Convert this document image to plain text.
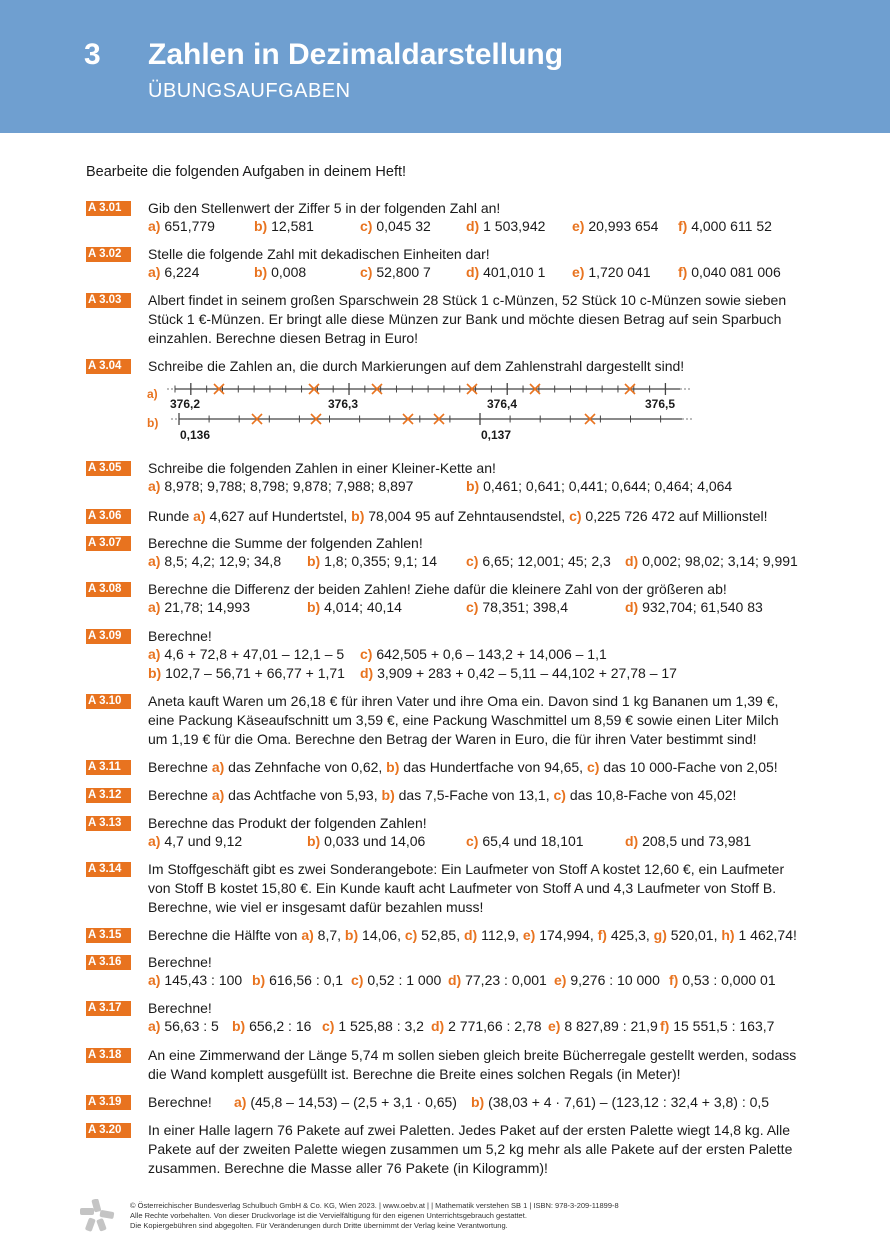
3 Zahlen in Dezimaldarstellung
ÜBUNGSAUFGABEN
Bearbeite die folgenden Aufgaben in deinem Heft!
A 3.01	Gib den Stellenwert der Ziffer 5 in der folgenden Zahl an!
a) 651,779	b) 12,581	c) 0,045 32	d) 1 503,942 e) 20,993 654 f) 4,000 611 52
A 3.02	Stelle die folgende Zahl mit dekadischen Einheiten dar!
a) 6,224	b) 0,008	c) 52,800 7	d) 401,010 1 e) 1,720 041 f) 0,040 081 006
A 3.03	Albert findet in seinem großen Sparschwein 28 Stück 1 c-Münzen, 52 Stück 10 c-Münzen sowie sieben
Stück 1 €-Münzen. Er bringt alle diese Münzen zur Bank und möchte diesen Betrag auf sein Sparbuch
einzahlen. Berechne diesen Betrag in Euro!
A 3.04	Schreibe die Zahlen an, die durch Markierungen auf dem Zahlenstrahl dargestellt sind!
a)
b)
376,2	376,3	376,4	376,5
0,136	0,137
A 3.05	Schreibe die folgenden Zahlen in einer Kleiner-Kette an!
a) 8,978; 9,788; 8,798; 9,878; 7,988; 8,897	b) 0,461; 0,641; 0,441; 0,644; 0,464; 4,064
A 3.06	Runde a) 4,627 auf Hundertstel, b) 78,004 95 auf Zehntausendstel, c) 0,225 726 472 auf Millionstel!
A 3.07	Berechne die Summe der folgenden Zahlen!
a) 8,5; 4,2; 12,9; 34,8 b) 1,8; 0,355; 9,1; 14 c) 6,65; 12,001; 45; 2,3 d) 0,002; 98,02; 3,14; 9,991
A 3.08	Berechne die Differenz der beiden Zahlen! Ziehe dafür die kleinere Zahl von der größeren ab!
a) 21,78; 14,993	b) 4,014; 40,14	c) 78,351; 398,4	d) 932,704; 61,540 83
A 3.09	Berechne!
a) 4,6 + 72,8 + 47,01 – 12,1 – 5 c) 642,505 + 0,6 – 143,2 + 14,006 – 1,1
b) 102,7 – 56,71 + 66,77 + 1,71 d) 3,909 + 283 + 0,42 – 5,11 – 44,102 + 27,78 – 17
A 3.10	Aneta kauft Waren um 26,18 € für ihren Vater und ihre Oma ein. Davon sind 1 kg Bananen um 1,39 €,
eine Packung Käseaufschnitt um 3,59 €, eine Packung Waschmittel um 8,59 € sowie einen Liter Milch
um 1,19 € für die Oma. Berechne den Betrag der Waren in Euro, die für ihren Vater bestimmt sind!
A 3.11	Berechne a) das Zehnfache von 0,62, b) das Hundertfache von 94,65, c) das 10 000-Fache von 2,05!
A 3.12	Berechne a) das Achtfache von 5,93, b) das 7,5-Fache von 13,1, c) das 10,8-Fache von 45,02!
A 3.13	Berechne das Produkt der folgenden Zahlen!
a) 4,7 und 9,12	b) 0,033 und 14,06	c) 65,4 und 18,101	d) 208,5 und 73,981
A 3.14	Im Stoffgeschäft gibt es zwei Sonderangebote: Ein Laufmeter von Stoff A kostet 12,60 €, ein Laufmeter
von Stoff B kostet 15,80 €. Ein Kunde kauft acht Laufmeter von Stoff A und 4,3 Laufmeter von Stoff B.
Berechne, wie viel er insgesamt dafür bezahlen muss!
A 3.15	Berechne die Hälfte von a) 8,7, b) 14,06, c) 52,85, d) 112,9, e) 174,994, f) 425,3, g) 520,01, h) 1 462,74!
A 3.16	Berechne!
a) 145,43 : 100 b) 616,56 : 0,1 c) 0,52 : 1 000 d) 77,23 : 0,001 e) 9,276 : 10 000 f) 0,53 : 0,000 01
A 3.17	Berechne!
a) 56,63 : 5 b) 656,2 : 16 c) 1 525,88 : 3,2 d) 2 771,66 : 2,78 e) 8 827,89 : 21,9 f) 15 551,5 : 163,7
A 3.18	An eine Zimmerwand der Länge 5,74 m sollen sieben gleich breite Bücherregale gestellt werden, sodass
die Wand komplett ausgefüllt ist. Berechne die Breite eines solchen Regals (in Meter)!
A 3.19	Berechne! a) (45,8 – 14,53) – (2,5 + 3,1 · 0,65) b) (38,03 + 4 · 7,61) – (123,12 : 32,4 + 3,8) : 0,5
A 3.20	In einer Halle lagern 76 Pakete auf zwei Paletten. Jedes Paket auf der ersten Palette wiegt 14,8 kg. Alle
Pakete auf der zweiten Palette wiegen zusammen um 5,2 kg mehr als alle Pakete auf der ersten Palette
zusammen. Berechne die Masse aller 76 Pakete (in Kilogramm)!
© Österreichischer Bundesverlag Schulbuch GmbH & Co. KG, Wien 2023. | www.oebv.at | | Mathematik verstehen SB 1 | ISBN: 978-3-209-11899-8
Alle Rechte vorbehalten. Von dieser Druckvorlage ist die Vervielfältigung für den eigenen Unterrichtsgebrauch gestattet.
Die Kopiergebühren sind abgegolten. Für Veränderungen durch Dritte übernimmt der Verlag keine Verantwortung.
